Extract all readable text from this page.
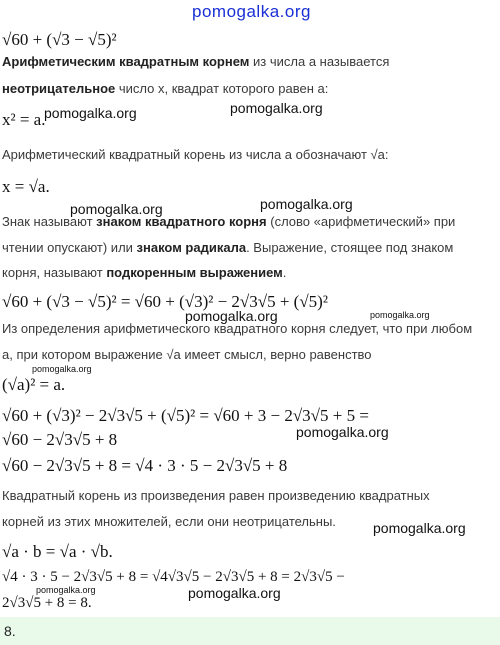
pomogalka.org
√60 + (√3 − √5)²
Арифметическим квадратным корнем из числа a называется
неотрицательное число x, квадрат которого равен a:
x² = a.
pomogalka.org	pomogalka.org
Арифметический квадратный корень из числа a обозначают √a:
x = √a.
pomogalka.org
pomogalka.org
Знак называют знаком квадратного корня (слово «арифметический» при
чтении опускают) или знаком радикала. Выражение, стоящее под знаком
корня, называют подкоренным выражением.
√60 + (√3 − √5)² = √60 + (√3)² − 2√3√5 + (√5)²
pomogalka.org	pomogalka.org
Из определения арифметического квадратного корня следует, что при любом
a, при котором выражение √a имеет смысл, верно равенство
(√a)² = a.
pomogalka.org
√60 + (√3)² − 2√3√5 + (√5)² = √60 + 3 − 2√3√5 + 5 =
√60 − 2√3√5 + 8	pomogalka.org
√60 − 2√3√5 + 8 = √4 · 3 · 5 − 2√3√5 + 8
Квадратный корень из произведения равен произведению квадратных
корней из этих множителей, если они неотрицательны.	pomogalka.org
√a · b = √a · √b.
√4 · 3 · 5 − 2√3√5 + 8 = √4√3√5 − 2√3√5 + 8 = 2√3√5 −
2√3√5 + 8 = 8.
pomogalka.org	pomogalka.org
8.
